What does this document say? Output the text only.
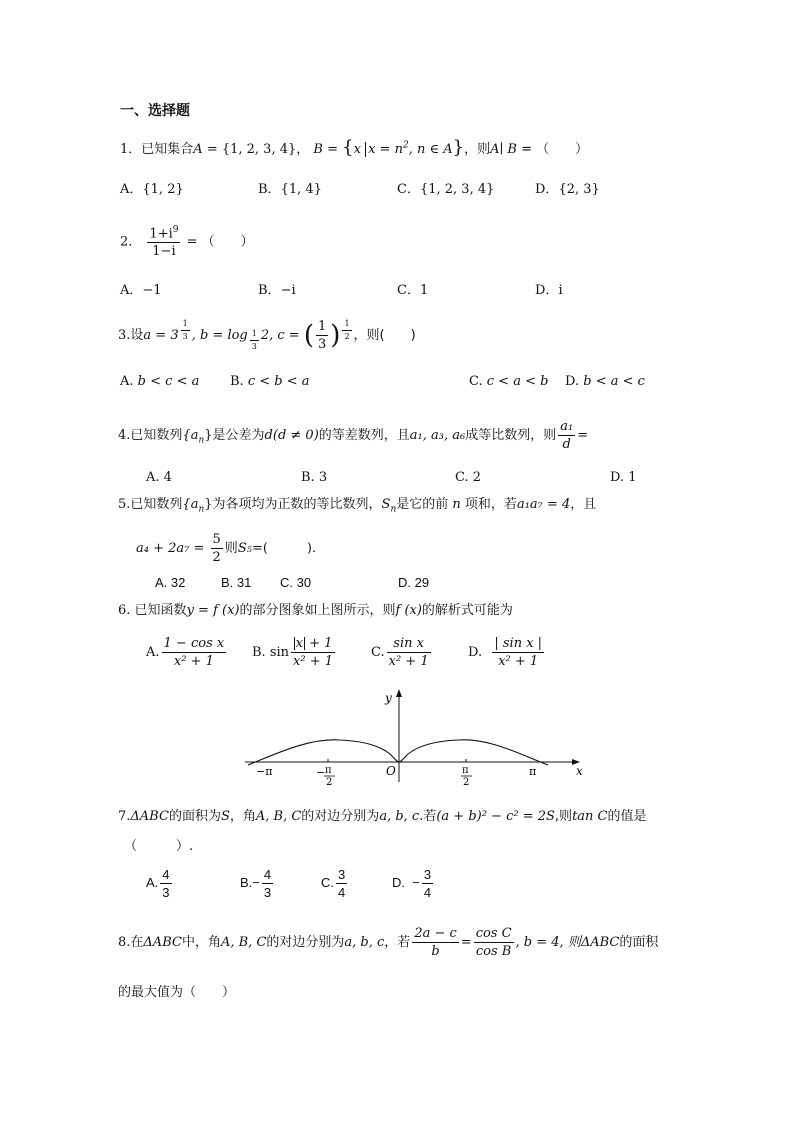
一、选择题
1．已知集合A = {1, 2, 3, 4}， B = {x $x = n^2$, n ∈ A}，则A∣ B = （　　）
A．{1, 2}	B．{1, 4}	C．{1, 2, 3, 4}	D．{2, 3}
2． $\frac{1+i^9}{1-i}$ = （　　）
A．−1	B．−i	C．1	D．i
3.设$a = 3 \frac{1}{3}$ , $b = \log \frac{1}{3} 2$, c = ( $\frac{1}{3}$ ) $\frac{1}{2}$ ，则(　　)
A. b < c < a B. c < b < a	C. c < a < b D. b < a < c
4.已知数列$\{a_n\}$是公差为d(d ≠ 0)的等差数列，且a₁, a₃, a₆成等比数列，则 $\frac{\text{a₁}}{d}$ =
A. 4	B. 3	C. 2	D. 1
5.已知数列$\{a_n\}$为各项均为正数的等比数列，$S_n$是它的前 n 项和，若a₁a₇ = 4，且
$a_4 + 2a_7 = \frac{5}{2}$ 则S₅=(　　　).
A. 32	B. 31 C. 30	D. 29
6. 已知函数y = f (x)的部分图象如上图所示，则f (x)的解析式可能为
A. $\frac{\text{1 − cos x}}{\text{x² + 1}} B$. $\sin \frac{x + 1}{\text{x² + 1}}$	C. $\frac{\text{sin x}}{\text{x² + 1}}$	D. $\frac{\text{| sin x |}}{\text{x² + 1}}$
y
x
O
−π	π
− π
2
π
2
7.ΔABC的面积为S，角A, B, C的对边分别为a, b, c.若(a + b)² − c² = 2S,则tan C的值是
（　　　）.
A. $\frac{4}{3}$	$B.- \frac{4}{3}$	C. $\frac{3}{4}$	D. − $\frac{3}{4}$
8.在ΔABC中，角A, B, C的对边分别为a, b, c，若 $\frac{2a - c}{b} = \frac{\text{cos C}}{\text{cos B}}$ , b = 4, 则ΔABC的面积
的最大值为（　　）
